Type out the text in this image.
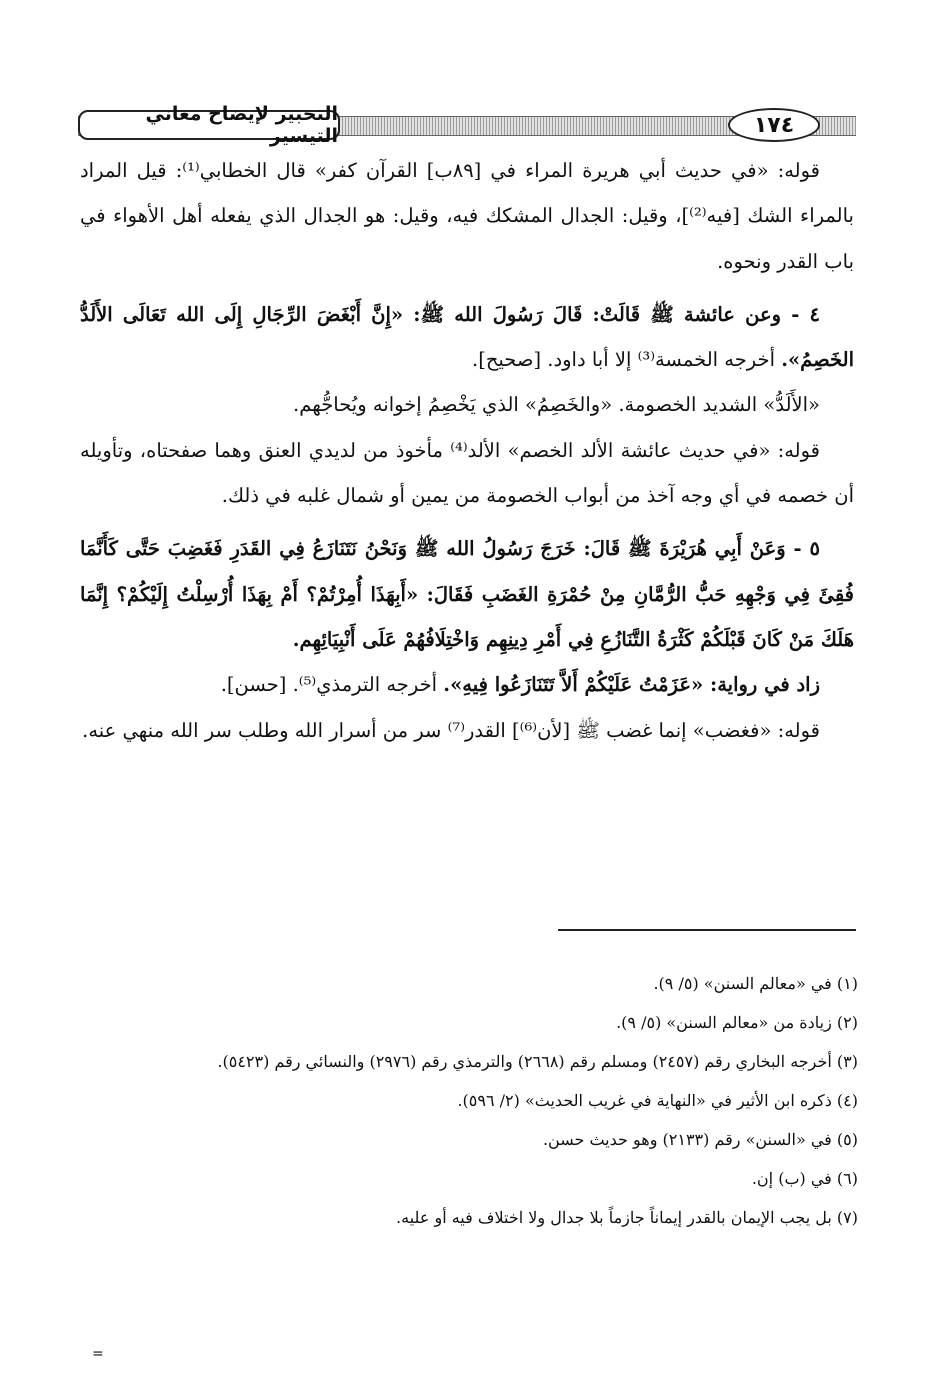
التحبير لإيضاح معاني التيسير	١٧٤

قوله: «في حديث أبي هريرة المراء في [٨٩ب] القرآن كفر» قال الخطابي⁽¹⁾: قيل المراد بالمراء الشك [فيه⁽²⁾]، وقيل: الجدال المشكك فيه، وقيل: هو الجدال الذي يفعله أهل الأهواء في باب القدر ونحوه.

٤ - وعن عائشة ﷺ قَالَتْ: قَالَ رَسُولَ الله ﷺ: «إِنَّ أَبْغَضَ الرِّجَالِ إِلَى الله تَعَالَى الأَلَدُّ الخَصِمُ». أخرجه الخمسة⁽³⁾ إلا أبا داود. [صحيح].

«الأَلَدُّ» الشديد الخصومة. «والخَصِمُ» الذي يَخْصِمُ إخوانه ويُحاجُّهم.

قوله: «في حديث عائشة الألد الخصم» الألد⁽⁴⁾ مأخوذ من لديدي العنق وهما صفحتاه، وتأويله أن خصمه في أي وجه آخذ من أبواب الخصومة من يمين أو شمال غلبه في ذلك.

٥ - وَعَنْ أَبِي هُرَيْرَةَ ﷺ قَالَ: خَرَجَ رَسُولُ الله ﷺ وَنَحْنُ نَتَنَازَعُ فِي القَدَرِ فَغَضِبَ حَتَّى كَأَنَّمَا فُقِئَ فِي وَجْهِهِ حَبُّ الرُّمَّانِ مِنْ حُمْرَةِ الغَضَبِ فَقَالَ: «أَبِهَذَا أُمِرْتُمْ؟ أَمْ بِهَذَا أُرْسِلْتُ إِلَيْكُمْ؟ إِنَّمَا هَلَكَ مَنْ كَانَ قَبْلَكُمْ كَثْرَةُ التَّنَازُعِ فِي أَمْرِ دِينِهِم وَاخْتِلَافُهُمْ عَلَى أَنْبِيَائِهِم.

زاد في رواية: «عَزَمْتُ عَلَيْكُمْ أَلاَّ تَتَنَازَعُوا فِيهِ». أخرجه الترمذي⁽⁵⁾. [حسن].

قوله: «فغضب» إنما غضب ﷺ [لأن⁽⁶⁾] القدر⁽⁷⁾ سر من أسرار الله وطلب سر الله منهي عنه.

(١) في «معالم السنن» (٥/ ٩).

(٢) زيادة من «معالم السنن» (٥/ ٩).

(٣) أخرجه البخاري رقم (٢٤٥٧) ومسلم رقم (٢٦٦٨) والترمذي رقم (٢٩٧٦) والنسائي رقم (٥٤٢٣).

(٤) ذكره ابن الأثير في «النهاية في غريب الحديث» (٢/ ٥٩٦).

(٥) في «السنن» رقم (٢١٣٣) وهو حديث حسن.

(٦) في (ب) إن.

(٧) بل يجب الإيمان بالقدر إيماناً جازماً بلا جدال ولا اختلاف فيه أو عليه.

=
